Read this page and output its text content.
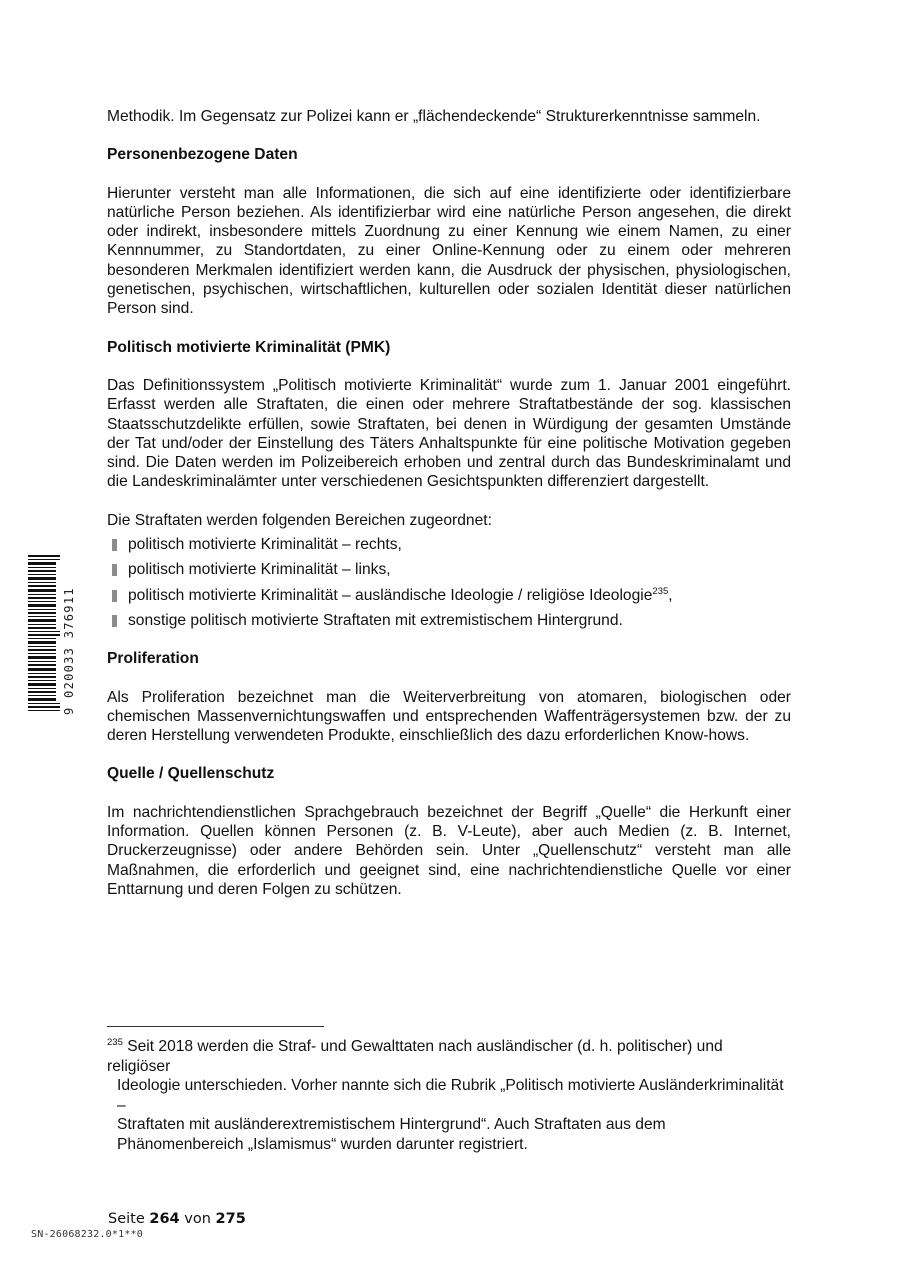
9 020033 376911

Methodik. Im Gegensatz zur Polizei kann er „flächendeckende“ Strukturerkenntnisse sammeln.

Personenbezogene Daten

Hierunter versteht man alle Informationen, die sich auf eine identifizierte oder identifizierbare natürliche Person beziehen. Als identifizierbar wird eine natürliche Person angesehen, die direkt oder indirekt, insbesondere mittels Zuordnung zu einer Kennung wie einem Namen, zu einer Kennnummer, zu Standortdaten, zu einer Online-Kennung oder zu einem oder mehreren besonderen Merkmalen identifiziert werden kann, die Ausdruck der physischen, physiologischen, genetischen, psychischen, wirtschaftlichen, kulturellen oder sozialen Identität dieser natürlichen Person sind.

Politisch motivierte Kriminalität (PMK)

Das Definitionssystem „Politisch motivierte Kriminalität“ wurde zum 1. Januar 2001 eingeführt. Erfasst werden alle Straftaten, die einen oder mehrere Straftatbestände der sog. klassischen Staatsschutzdelikte erfüllen, sowie Straftaten, bei denen in Würdigung der gesamten Umstände der Tat und/oder der Einstellung des Täters Anhaltspunkte für eine politische Motivation gegeben sind. Die Daten werden im Polizeibereich erhoben und zentral durch das Bundeskriminalamt und die Landeskriminalämter unter verschiedenen Gesichtspunkten differenziert dargestellt.

Die Straftaten werden folgenden Bereichen zugeordnet:

politisch motivierte Kriminalität – rechts,
politisch motivierte Kriminalität – links,
politisch motivierte Kriminalität – ausländische Ideologie / religiöse Ideologie$^{235}$,
sonstige politisch motivierte Straftaten mit extremistischem Hintergrund.

Proliferation

Als Proliferation bezeichnet man die Weiterverbreitung von atomaren, biologischen oder chemischen Massenvernichtungswaffen und entsprechenden Waffenträgersystemen bzw. der zu deren Herstellung verwendeten Produkte, einschließlich des dazu erforderlichen Know-hows.

Quelle / Quellenschutz

Im nachrichtendienstlichen Sprachgebrauch bezeichnet der Begriff „Quelle“ die Herkunft einer Information. Quellen können Personen (z. B. V-Leute), aber auch Medien (z. B. Internet, Druckerzeugnisse) oder andere Behörden sein. Unter „Quellenschutz“ versteht man alle Maßnahmen, die erforderlich und geeignet sind, eine nachrichtendienstliche Quelle vor einer Enttarnung und deren Folgen zu schützen.

$^{235}$ Seit 2018 werden die Straf- und Gewalttaten nach ausländischer (d. h. politischer) und religiöser
Ideologie unterschieden. Vorher nannte sich die Rubrik „Politisch motivierte Ausländerkriminalität –
Straftaten mit ausländerextremistischem Hintergrund“. Auch Straftaten aus dem Phänomenbereich „Islamismus“ wurden darunter registriert.
Seite 264 von 275
SN-26068232.0*1**0
